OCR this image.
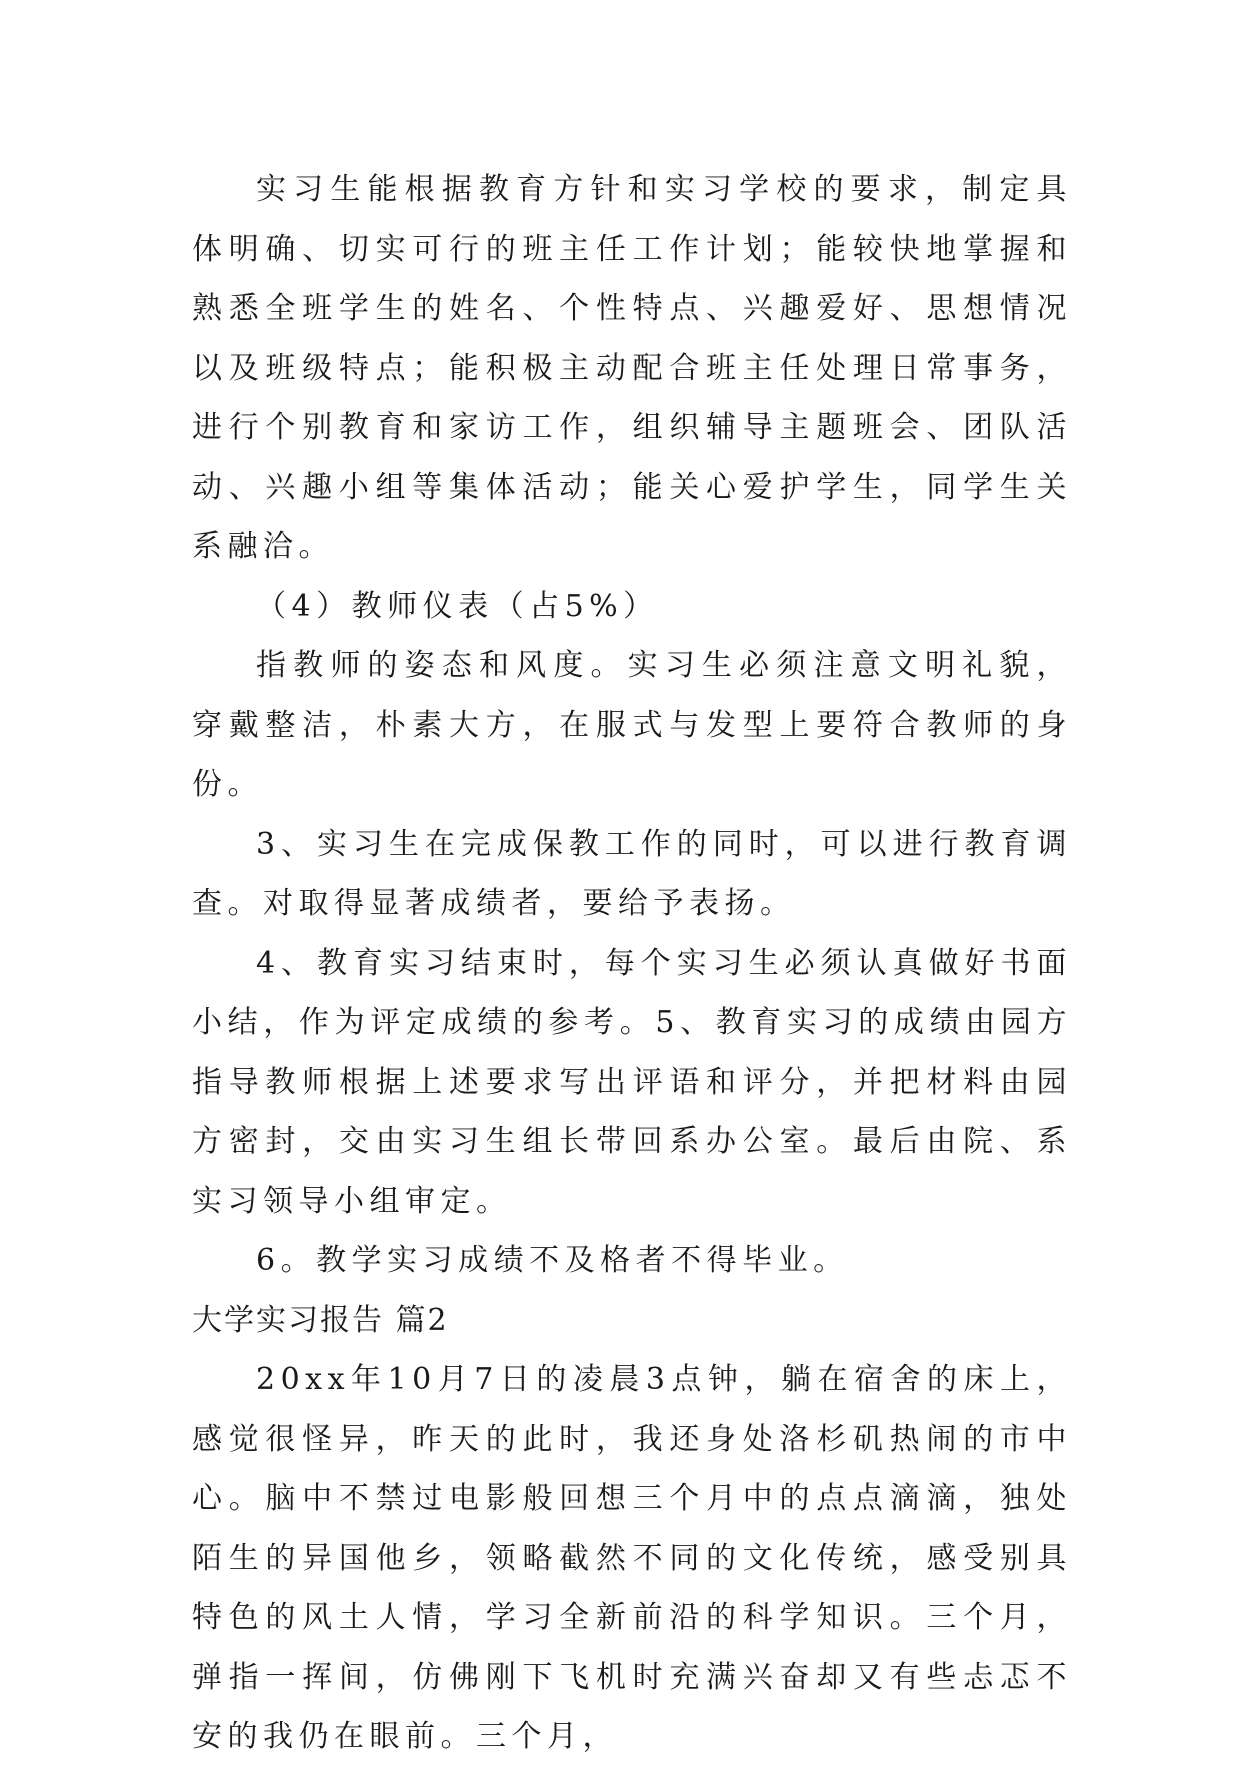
实习生能根据教育方针和实习学校的要求，制定具体明确、切实可行的班主任工作计划；能较快地掌握和熟悉全班学生的姓名、个性特点、兴趣爱好、思想情况以及班级特点；能积极主动配合班主任处理日常事务，进行个别教育和家访工作，组织辅导主题班会、团队活动、兴趣小组等集体活动；能关心爱护学生，同学生关系融洽。

（4）教师仪表（占5%）

指教师的姿态和风度。实习生必须注意文明礼貌，穿戴整洁，朴素大方，在服式与发型上要符合教师的身份。

3、实习生在完成保教工作的同时，可以进行教育调查。对取得显著成绩者，要给予表扬。

4、教育实习结束时，每个实习生必须认真做好书面小结，作为评定成绩的参考。5、教育实习的成绩由园方指导教师根据上述要求写出评语和评分，并把材料由园方密封，交由实习生组长带回系办公室。最后由院、系实习领导小组审定。

6。教学实习成绩不及格者不得毕业。

大学实习报告 篇2

20xx年10月7日的凌晨3点钟，躺在宿舍的床上，感觉很怪异，昨天的此时，我还身处洛杉矶热闹的市中心。脑中不禁过电影般回想三个月中的点点滴滴，独处陌生的异国他乡，领略截然不同的文化传统，感受别具特色的风土人情，学习全新前沿的科学知识。三个月，弹指一挥间，仿佛刚下飞机时充满兴奋却又有些忐忑不安的我仍在眼前。三个月，
